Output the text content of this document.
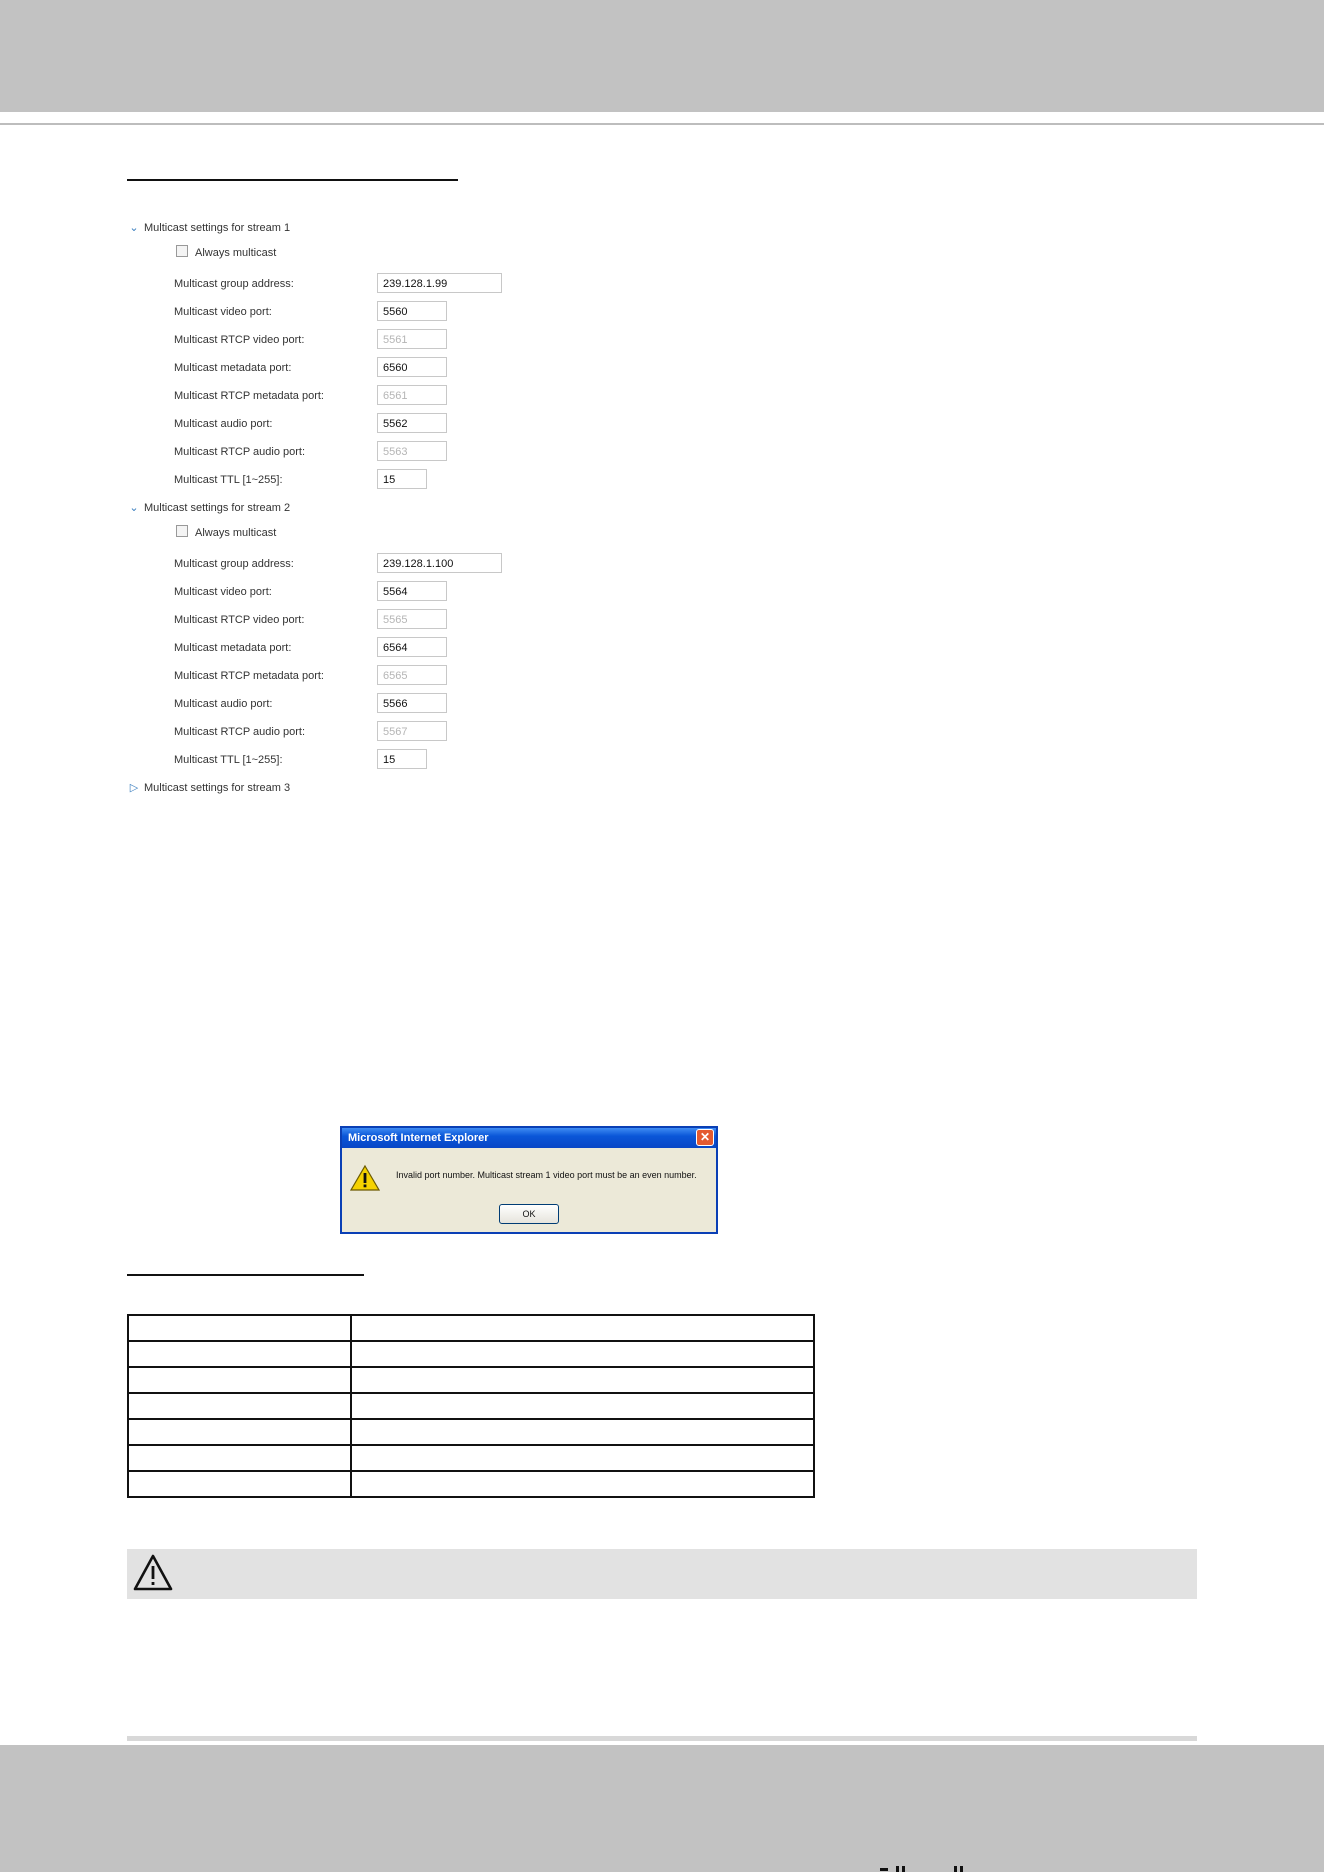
⌄ Multicast settings for stream 1
Always multicast
Multicast group address:	239.128.1.99
Multicast video port:	5560
Multicast RTCP video port:	5561
Multicast metadata port:	6560
Multicast RTCP metadata port:	6561
Multicast audio port:	5562
Multicast RTCP audio port:	5563
Multicast TTL [1~255]:	15
⌄ Multicast settings for stream 2
Always multicast
Multicast group address:	239.128.1.100
Multicast video port:	5564
Multicast RTCP video port:	5565
Multicast metadata port:	6564
Multicast RTCP metadata port:	6565
Multicast audio port:	5566
Multicast RTCP audio port:	5567
Multicast TTL [1~255]:	15
▷ Multicast settings for stream 3
Microsoft Internet Explorer	✕
Invalid port number. Multicast stream 1 video port must be an even number.
OK
